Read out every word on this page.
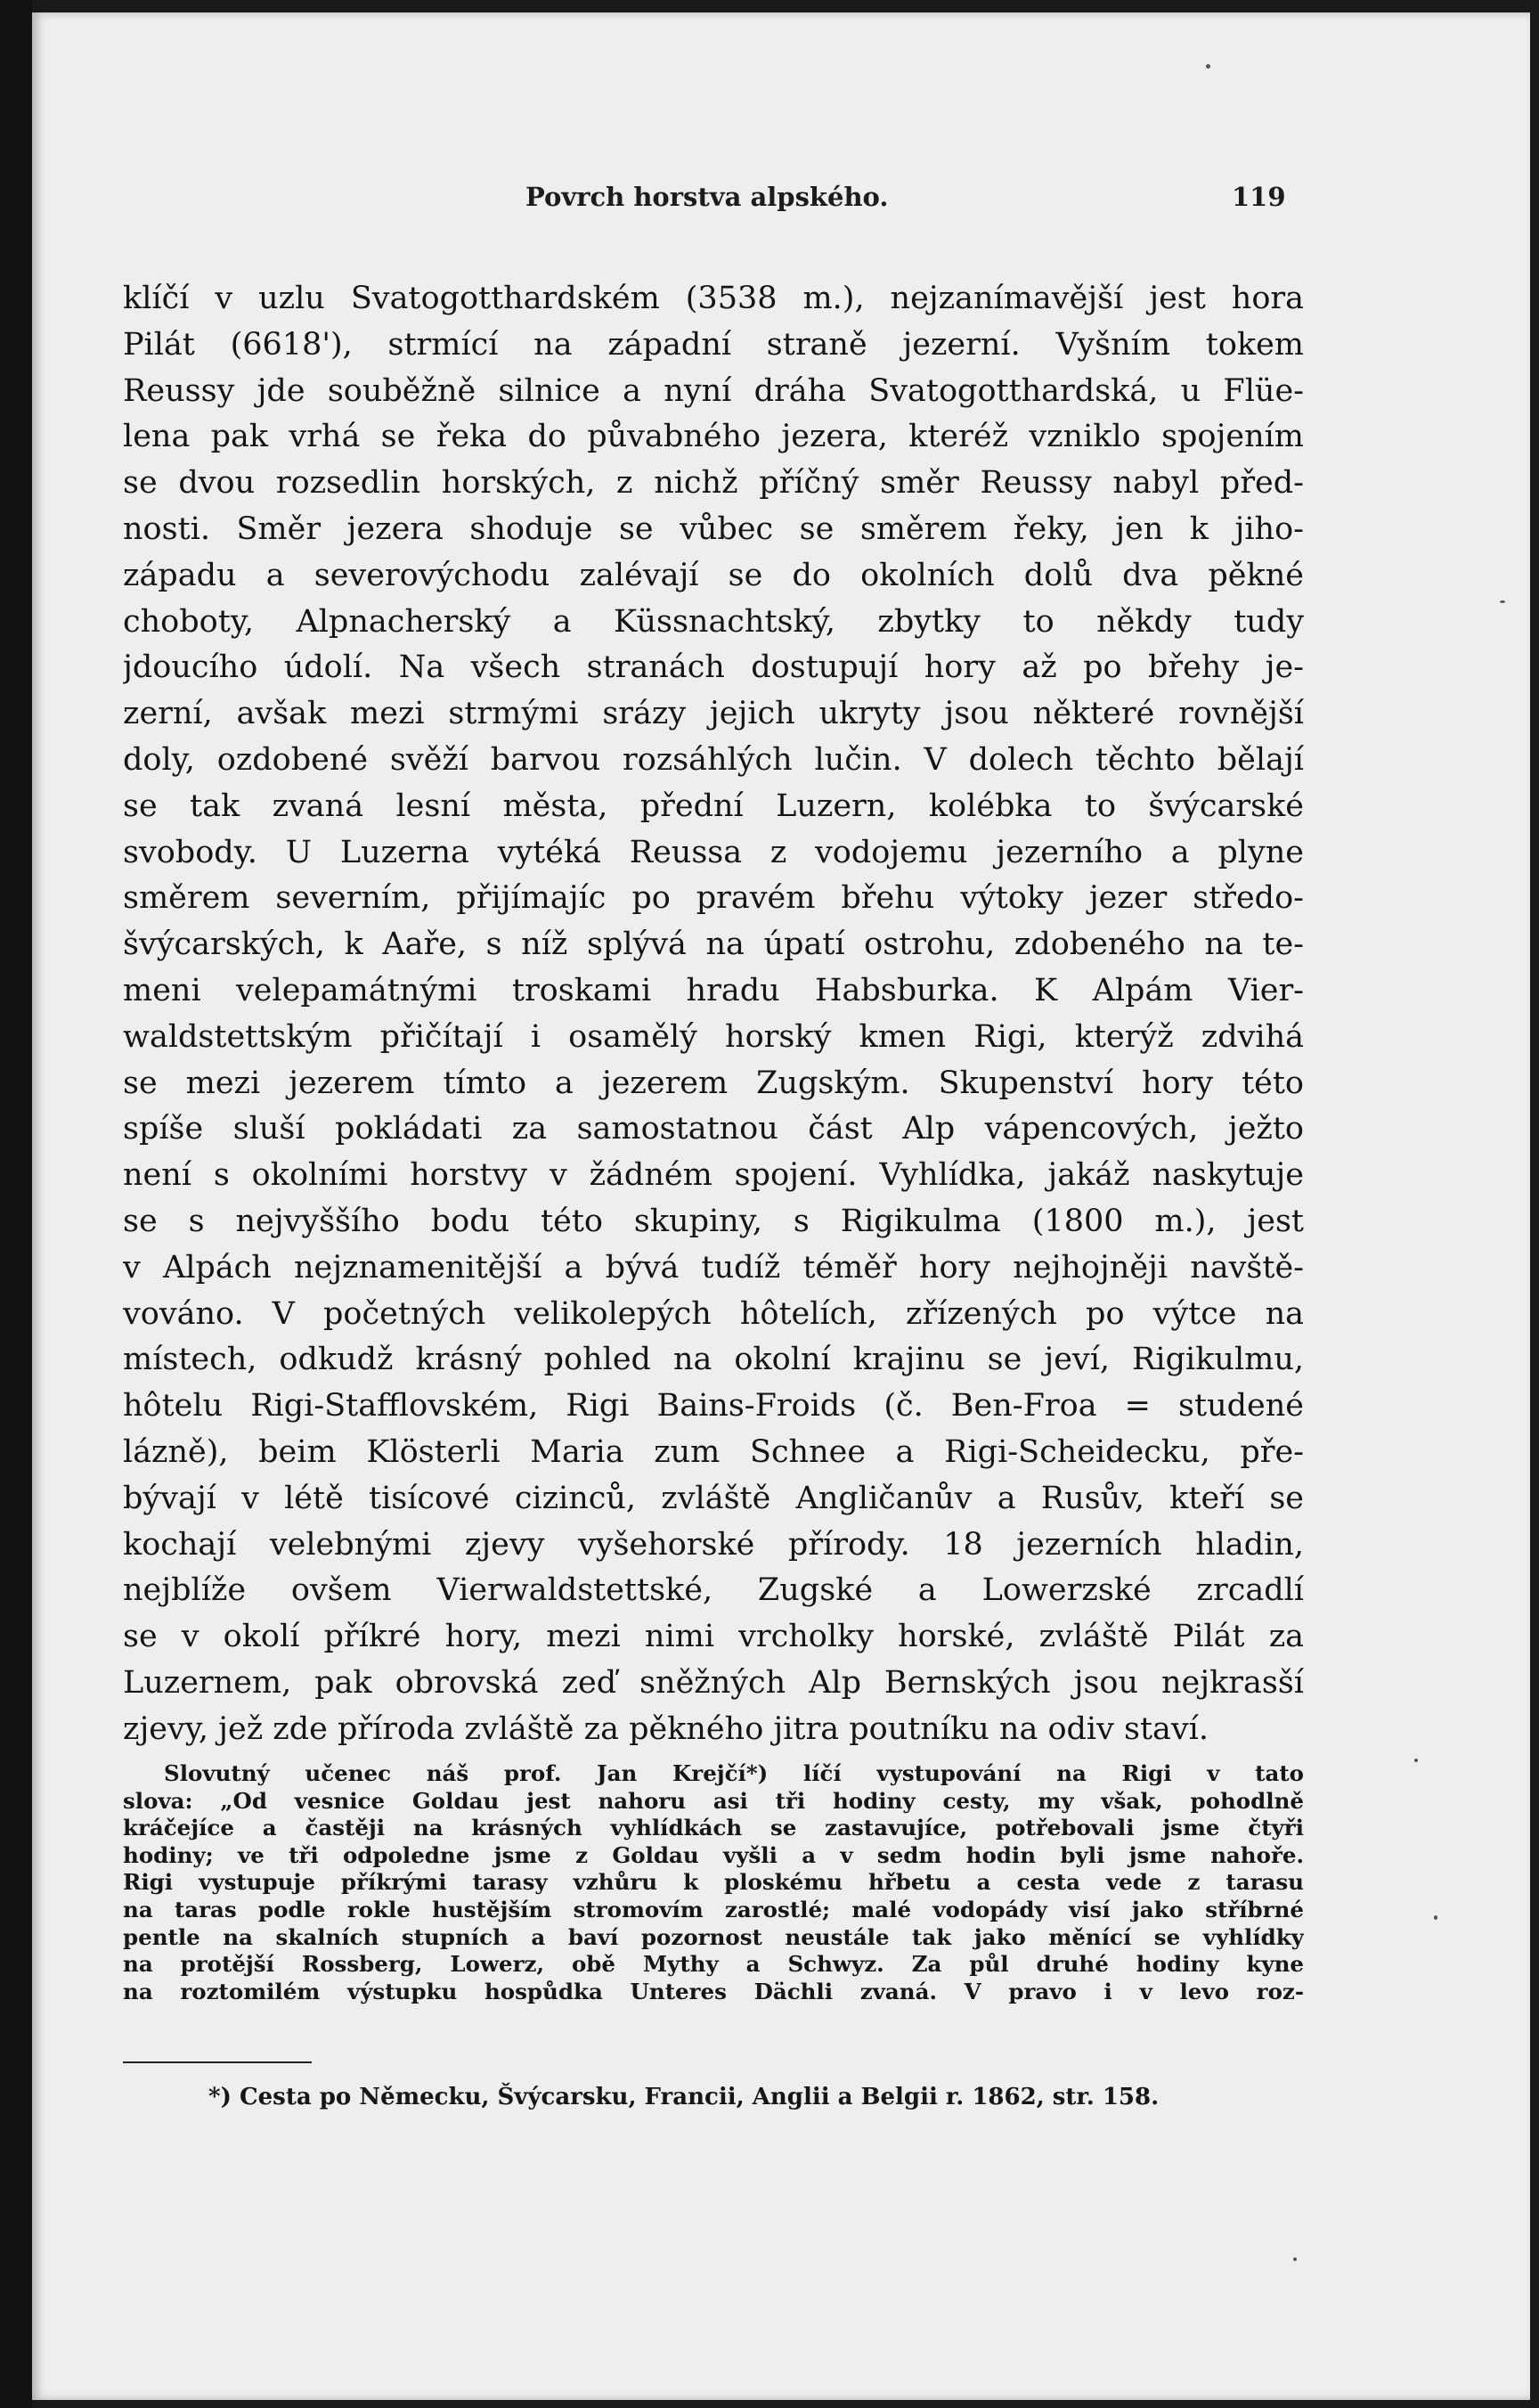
Povrch horstva alpského.	119
klíčí v uzlu Svatogotthardském (3538 m.), nejzanímavější jest hora
Pilát (6618'), strmící na západní straně jezerní. Vyšním tokem
Reussy jde souběžně silnice a nyní dráha Svatogotthardská, u Flüe-
lena pak vrhá se řeka do půvabného jezera, kteréž vzniklo spojením
se dvou rozsedlin horských, z nichž příčný směr Reussy nabyl před-
nosti. Směr jezera shoduje se vůbec se směrem řeky, jen k jiho-
západu a severovýchodu zalévají se do okolních dolů dva pěkné
choboty, Alpnacherský a Küssnachtský, zbytky to někdy tudy
jdoucího údolí. Na všech stranách dostupují hory až po břehy je-
zerní, avšak mezi strmými srázy jejich ukryty jsou některé rovnější
doly, ozdobené svěží barvou rozsáhlých lučin. V dolech těchto bělají
se tak zvaná lesní města, přední Luzern, kolébka to švýcarské
svobody. U Luzerna vytéká Reussa z vodojemu jezerního a plyne
směrem severním, přijímajíc po pravém břehu výtoky jezer středo-
švýcarských, k Aaře, s níž splývá na úpatí ostrohu, zdobeného na te-
meni velepamátnými troskami hradu Habsburka. K Alpám Vier-
waldstettským přičítají i osamělý horský kmen Rigi, kterýž zdvihá
se mezi jezerem tímto a jezerem Zugským. Skupenství hory této
spíše sluší pokládati za samostatnou část Alp vápencových, ježto
není s okolními horstvy v žádném spojení. Vyhlídka, jakáž naskytuje
se s nejvyššího bodu této skupiny, s Rigikulma (1800 m.), jest
v Alpách nejznamenitější a bývá tudíž téměř hory nejhojněji navště-
vováno. V početných velikolepých hôtelích, zřízených po výtce na
místech, odkudž krásný pohled na okolní krajinu se jeví, Rigikulmu,
hôtelu Rigi-Stafflovském, Rigi Bains-Froids (č. Ben-Froa = studené
lázně), beim Klösterli Maria zum Schnee a Rigi-Scheidecku, pře-
bývají v létě tisícové cizinců, zvláště Angličanův a Rusův, kteří se
kochají velebnými zjevy vyšehorské přírody. 18 jezerních hladin,
nejblíže ovšem Vierwaldstettské, Zugské a Lowerzské zrcadlí
se v okolí příkré hory, mezi nimi vrcholky horské, zvláště Pilát za
Luzernem, pak obrovská zeď sněžných Alp Bernských jsou nejkrasší
zjevy, jež zde příroda zvláště za pěkného jitra poutníku na odiv staví.
Slovutný učenec náš prof. Jan Krejčí*) líčí vystupování na Rigi v tato
slova: „Od vesnice Goldau jest nahoru asi tři hodiny cesty, my však, pohodlně
kráčejíce a častěji na krásných vyhlídkách se zastavujíce, potřebovali jsme čtyři
hodiny; ve tři odpoledne jsme z Goldau vyšli a v sedm hodin byli jsme nahoře.
Rigi vystupuje příkrými tarasy vzhůru k ploskému hřbetu a cesta vede z tarasu
na taras podle rokle hustějším stromovím zarostlé; malé vodopády visí jako stříbrné
pentle na skalních stupních a baví pozornost neustále tak jako měnící se vyhlídky
na protější Rossberg, Lowerz, obě Mythy a Schwyz. Za půl druhé hodiny kyne
na roztomilém výstupku hospůdka Unteres Dächli zvaná. V pravo i v levo roz-
*) Cesta po Německu, Švýcarsku, Francii, Anglii a Belgii r. 1862, str. 158.
